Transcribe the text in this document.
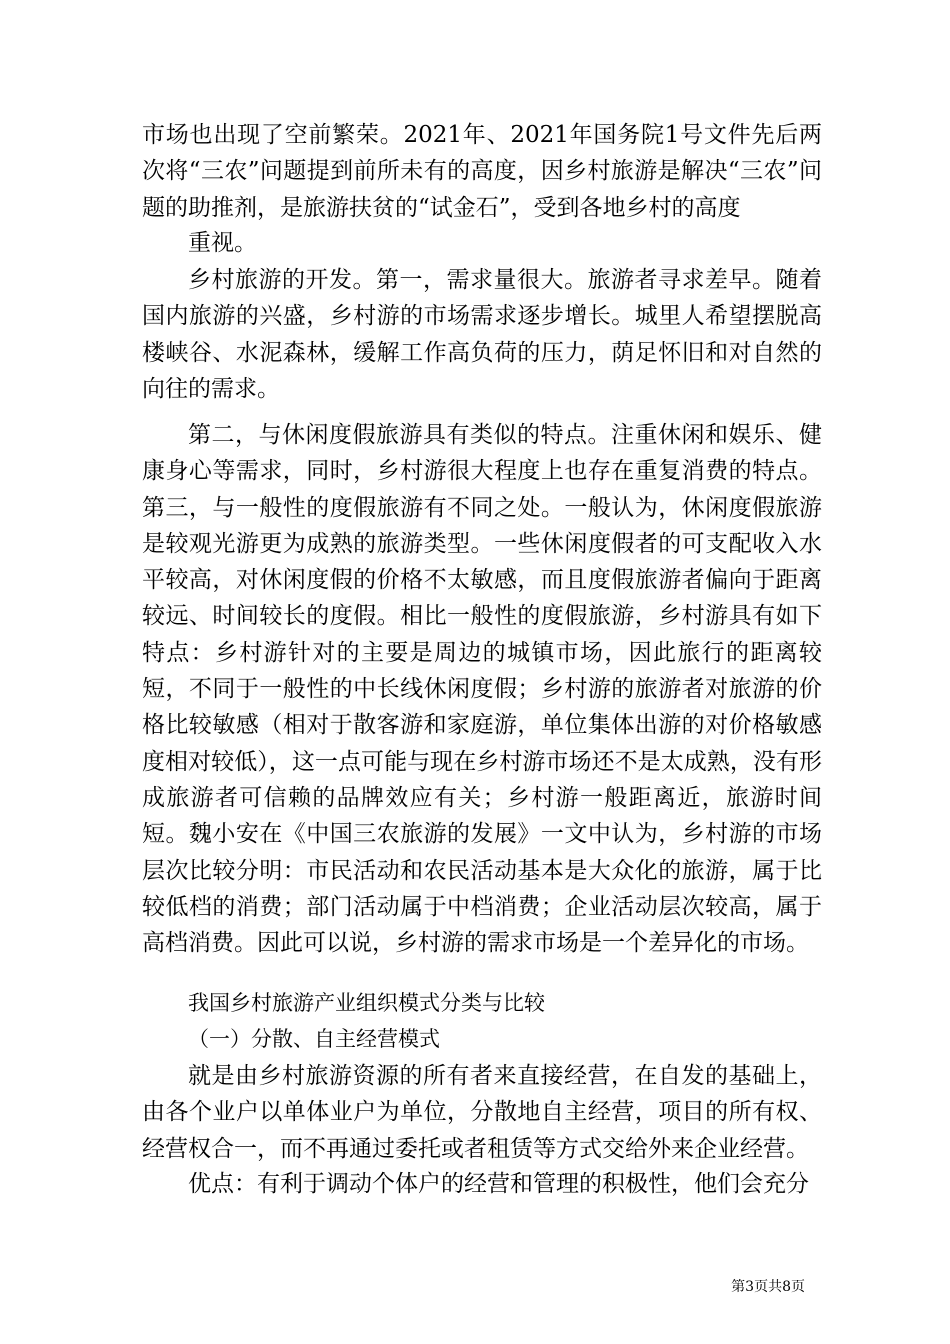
市场也出现了空前繁荣。2021年、2021年国务院1号文件先后两次将“三农”问题提到前所未有的高度，因乡村旅游是解决“三农”问题的助推剂，是旅游扶贫的“试金石”，受到各地乡村的高度

重视。

乡村旅游的开发。第一，需求量很大。旅游者寻求差早。随着国内旅游的兴盛，乡村游的市场需求逐步增长。城里人希望摆脱高楼峡谷、水泥森林，缓解工作高负荷的压力，荫足怀旧和对自然的向往的需求。

第二，与休闲度假旅游具有类似的特点。注重休闲和娱乐、健康身心等需求，同时，乡村游很大程度上也存在重复消费的特点。第三，与一般性的度假旅游有不同之处。一般认为，休闲度假旅游是较观光游更为成熟的旅游类型。一些休闲度假者的可支配收入水平较高，对休闲度假的价格不太敏感，而且度假旅游者偏向于距离较远、时间较长的度假。相比一般性的度假旅游，乡村游具有如下特点：乡村游针对的主要是周边的城镇市场，因此旅行的距离较短，不同于一般性的中长线休闲度假；乡村游的旅游者对旅游的价格比较敏感（相对于散客游和家庭游，单位集体出游的对价格敏感度相对较低），这一点可能与现在乡村游市场还不是太成熟，没有形成旅游者可信赖的品牌效应有关；乡村游一般距离近，旅游时间短。魏小安在《中国三农旅游的发展》一文中认为，乡村游的市场层次比较分明：市民活动和农民活动基本是大众化的旅游，属于比较低档的消费；部门活动属于中档消费；企业活动层次较高，属于高档消费。因此可以说，乡村游的需求市场是一个差异化的市场。

我国乡村旅游产业组织模式分类与比较

（一）分散、自主经营模式

就是由乡村旅游资源的所有者来直接经营，在自发的基础上，由各个业户以单体业户为单位，分散地自主经营，项目的所有权、经营权合一，而不再通过委托或者租赁等方式交给外来企业经营。

优点：有利于调动个体户的经营和管理的积极性，他们会充分

第3页共8页
